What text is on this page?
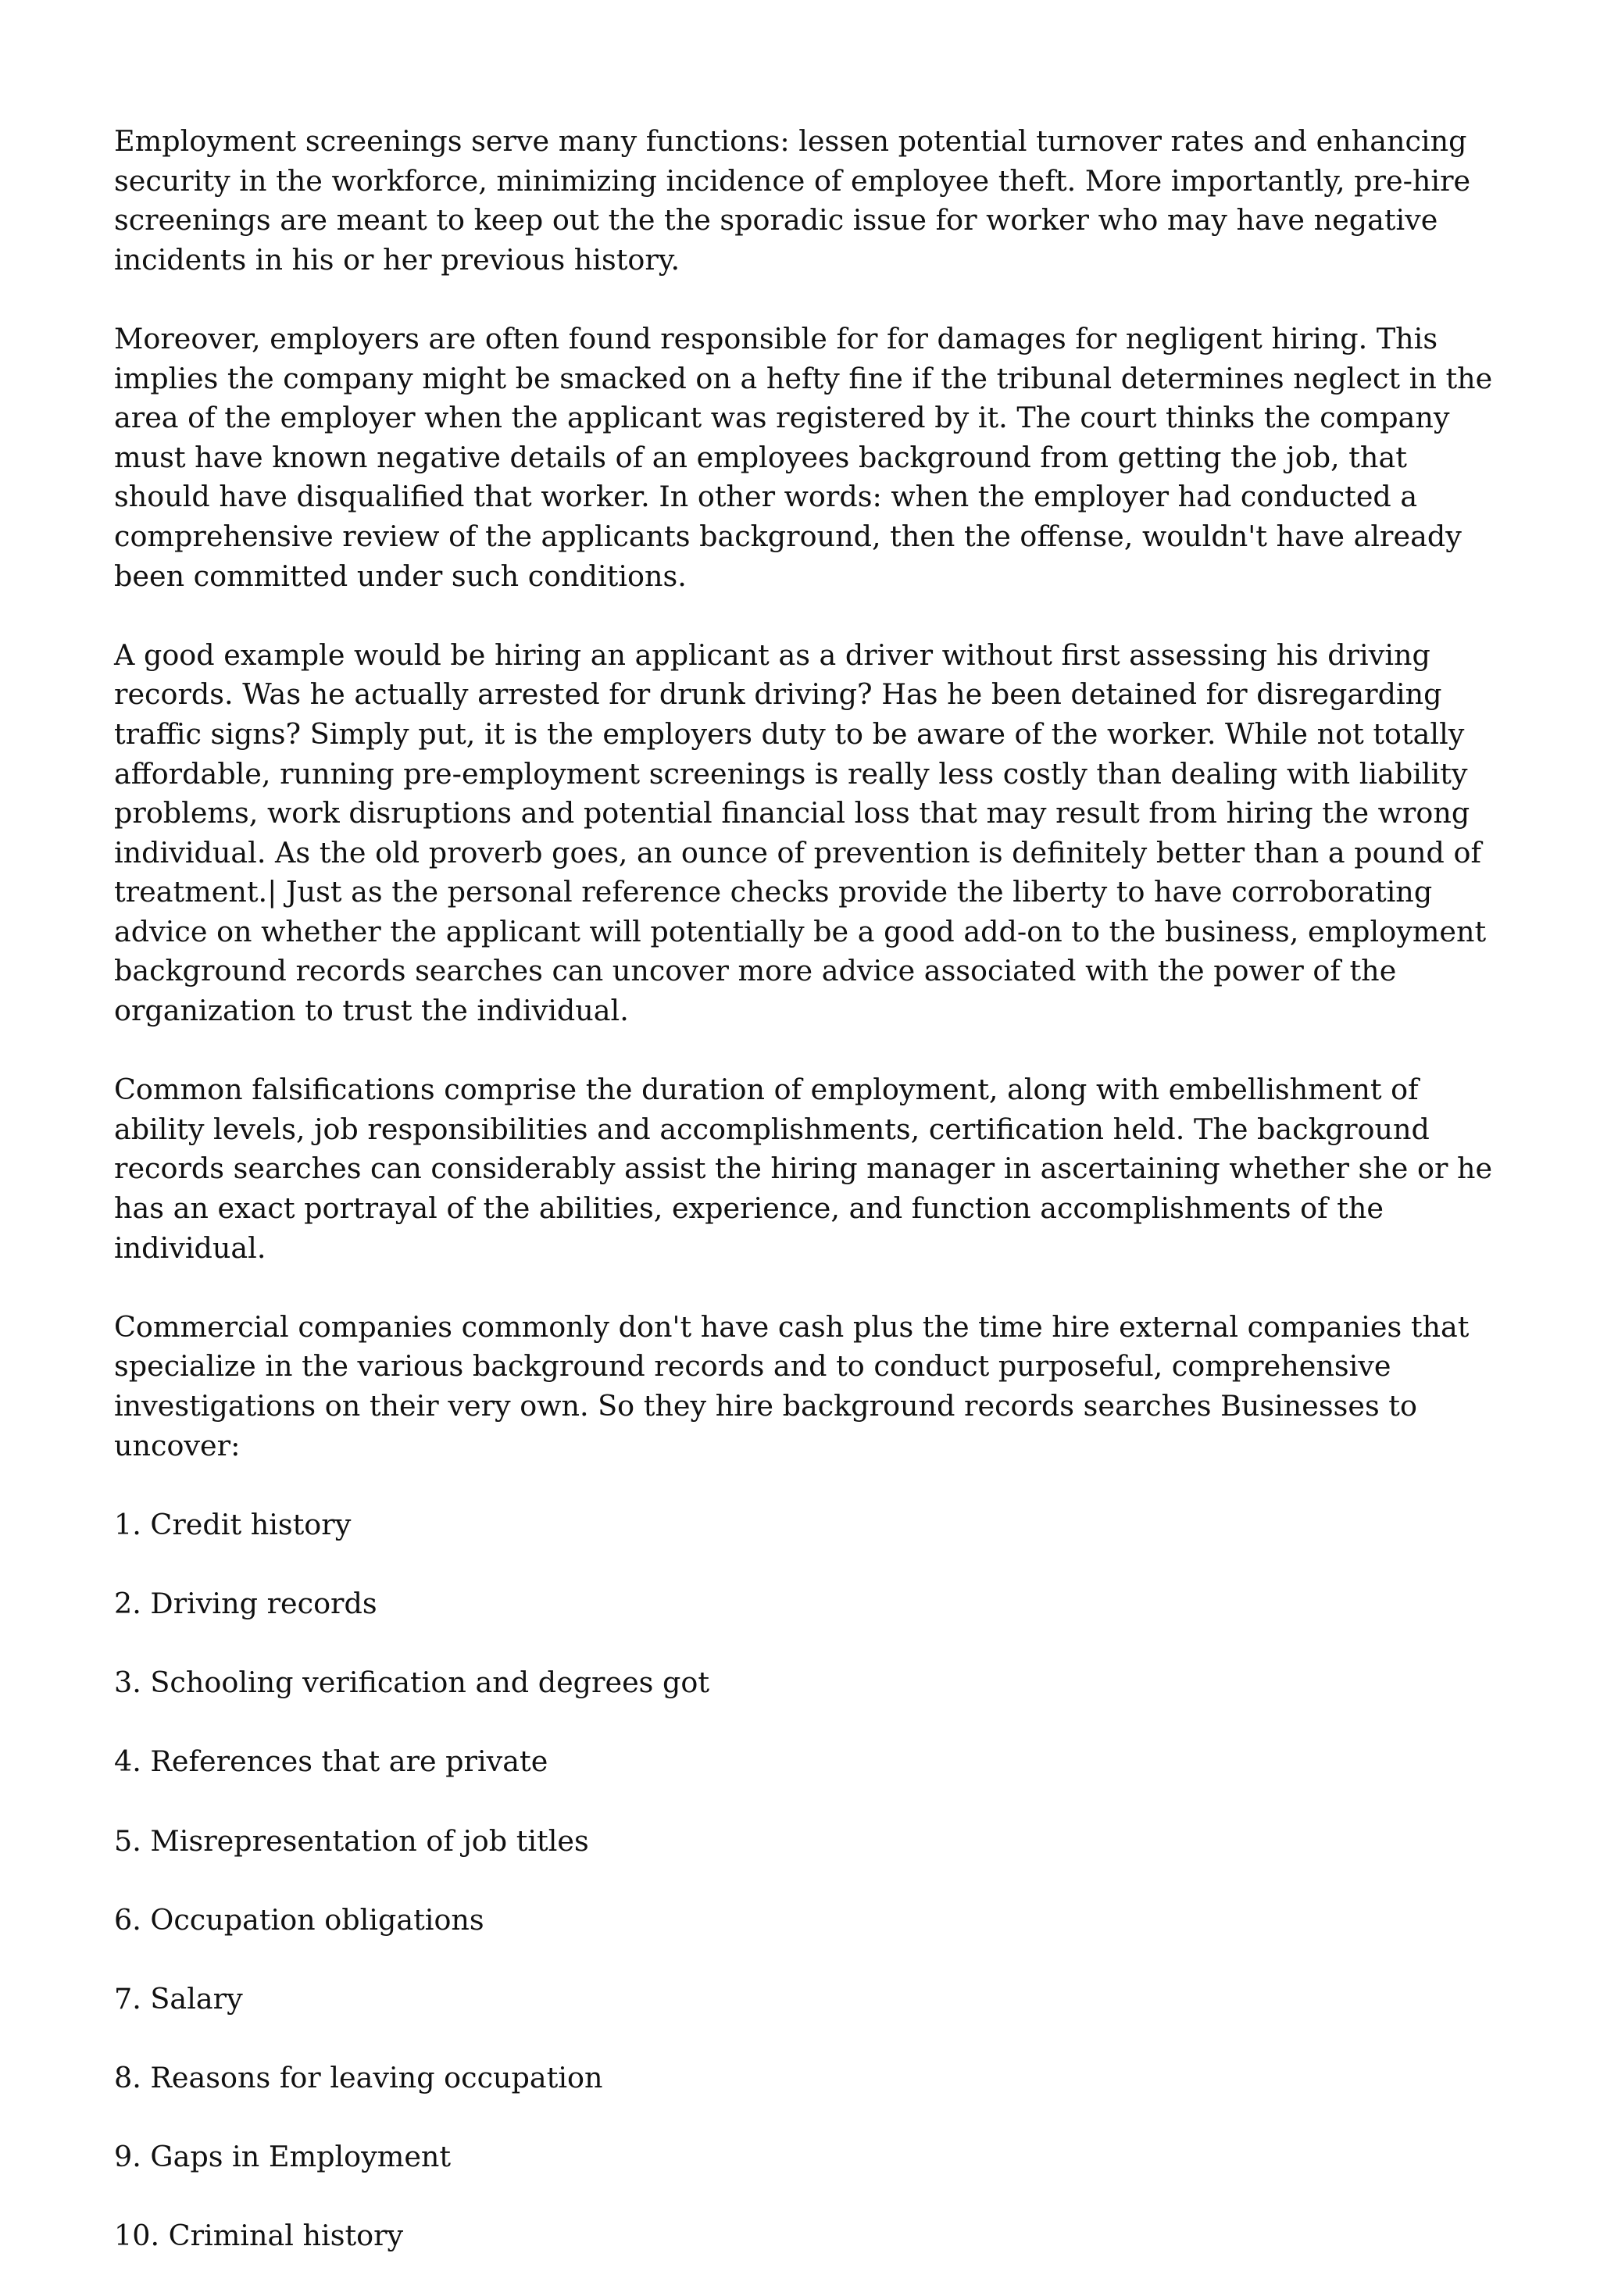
Employment screenings serve many functions: lessen potential turnover rates and enhancing security in the workforce, minimizing incidence of employee theft. More importantly, pre-hire screenings are meant to keep out the the sporadic issue for worker who may have negative incidents in his or her previous history.

Moreover, employers are often found responsible for for damages for negligent hiring. This implies the company might be smacked on a hefty fine if the tribunal determines neglect in the area of the employer when the applicant was registered by it. The court thinks the company must have known negative details of an employees background from getting the job, that should have disqualified that worker. In other words: when the employer had conducted a comprehensive review of the applicants background, then the offense, wouldn't have already been committed under such conditions.

A good example would be hiring an applicant as a driver without first assessing his driving records. Was he actually arrested for drunk driving? Has he been detained for disregarding traffic signs? Simply put, it is the employers duty to be aware of the worker. While not totally affordable, running pre-employment screenings is really less costly than dealing with liability problems, work disruptions and potential financial loss that may result from hiring the wrong individual. As the old proverb goes, an ounce of prevention is definitely better than a pound of treatment.| Just as the personal reference checks provide the liberty to have corroborating advice on whether the applicant will potentially be a good add-on to the business, employment background records searches can uncover more advice associated with the power of the organization to trust the individual.

Common falsifications comprise the duration of employment, along with embellishment of ability levels, job responsibilities and accomplishments, certification held. The background records searches can considerably assist the hiring manager in ascertaining whether she or he has an exact portrayal of the abilities, experience, and function accomplishments of the individual.

Commercial companies commonly don't have cash plus the time hire external companies that specialize in the various background records and to conduct purposeful, comprehensive investigations on their very own. So they hire background records searches Businesses to uncover:

1. Credit history
2. Driving records
3. Schooling verification and degrees got
4. References that are private
5. Misrepresentation of job titles
6. Occupation obligations
7. Salary
8. Reasons for leaving occupation
9. Gaps in Employment
10. Criminal history
